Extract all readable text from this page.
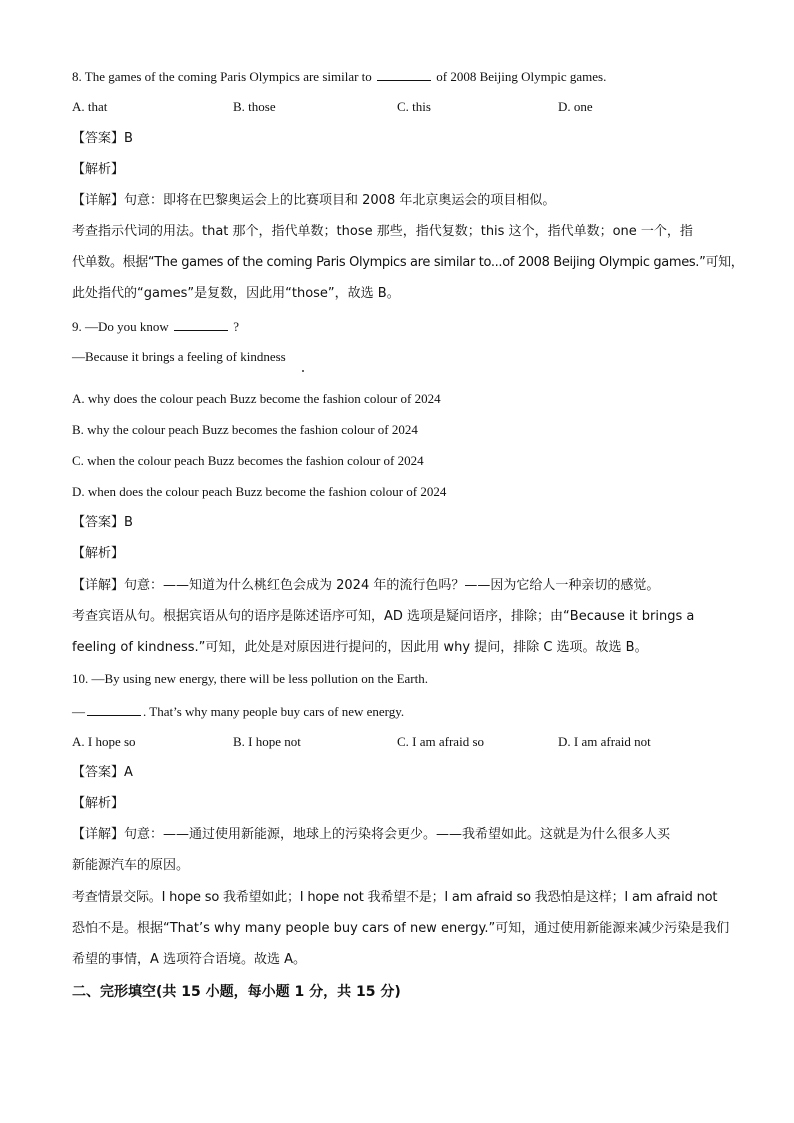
8. The games of the coming Paris Olympics are similar to	of 2008 Beijing Olympic games.
A. that	B. those	C. this	D. one
【答案】B
【解析】
【详解】句意：即将在巴黎奥运会上的比赛项目和 2008 年北京奥运会的项目相似。
考查指示代词的用法。that 那个，指代单数；those 那些，指代复数；this 这个，指代单数；one 一个，指
代单数。根据“The games of the coming Paris Olympics are similar to...of 2008 Beijing Olympic games.”可知，
此处指代的“games”是复数，因此用“those”，故选 B。
9. —Do you know	?
—Because it brings a feeling of kindness
A. why does the colour peach Buzz become the fashion colour of 2024
B. why the colour peach Buzz becomes the fashion colour of 2024
C. when the colour peach Buzz becomes the fashion colour of 2024
D. when does the colour peach Buzz become the fashion colour of 2024
【答案】B
【解析】
【详解】句意：——知道为什么桃红色会成为 2024 年的流行色吗？——因为它给人一种亲切的感觉。
考查宾语从句。根据宾语从句的语序是陈述语序可知，AD 选项是疑问语序，排除；由“Because it brings a
feeling of kindness.”可知，此处是对原因进行提问的，因此用 why 提问，排除 C 选项。故选 B。
10. —By using new energy, there will be less pollution on the Earth.
—	. That’s why many people buy cars of new energy.
A. I hope so	B. I hope not	C. I am afraid so	D. I am afraid not
【答案】A
【解析】
【详解】句意：——通过使用新能源，地球上的污染将会更少。——我希望如此。这就是为什么很多人买
新能源汽车的原因。
考查情景交际。I hope so 我希望如此；I hope not 我希望不是；I am afraid so 我恐怕是这样；I am afraid not
恐怕不是。根据“That’s why many people buy cars of new energy.”可知，通过使用新能源来减少污染是我们
希望的事情，A 选项符合语境。故选 A。
二、完形填空(共 15 小题，每小题 1 分，共 15 分)
